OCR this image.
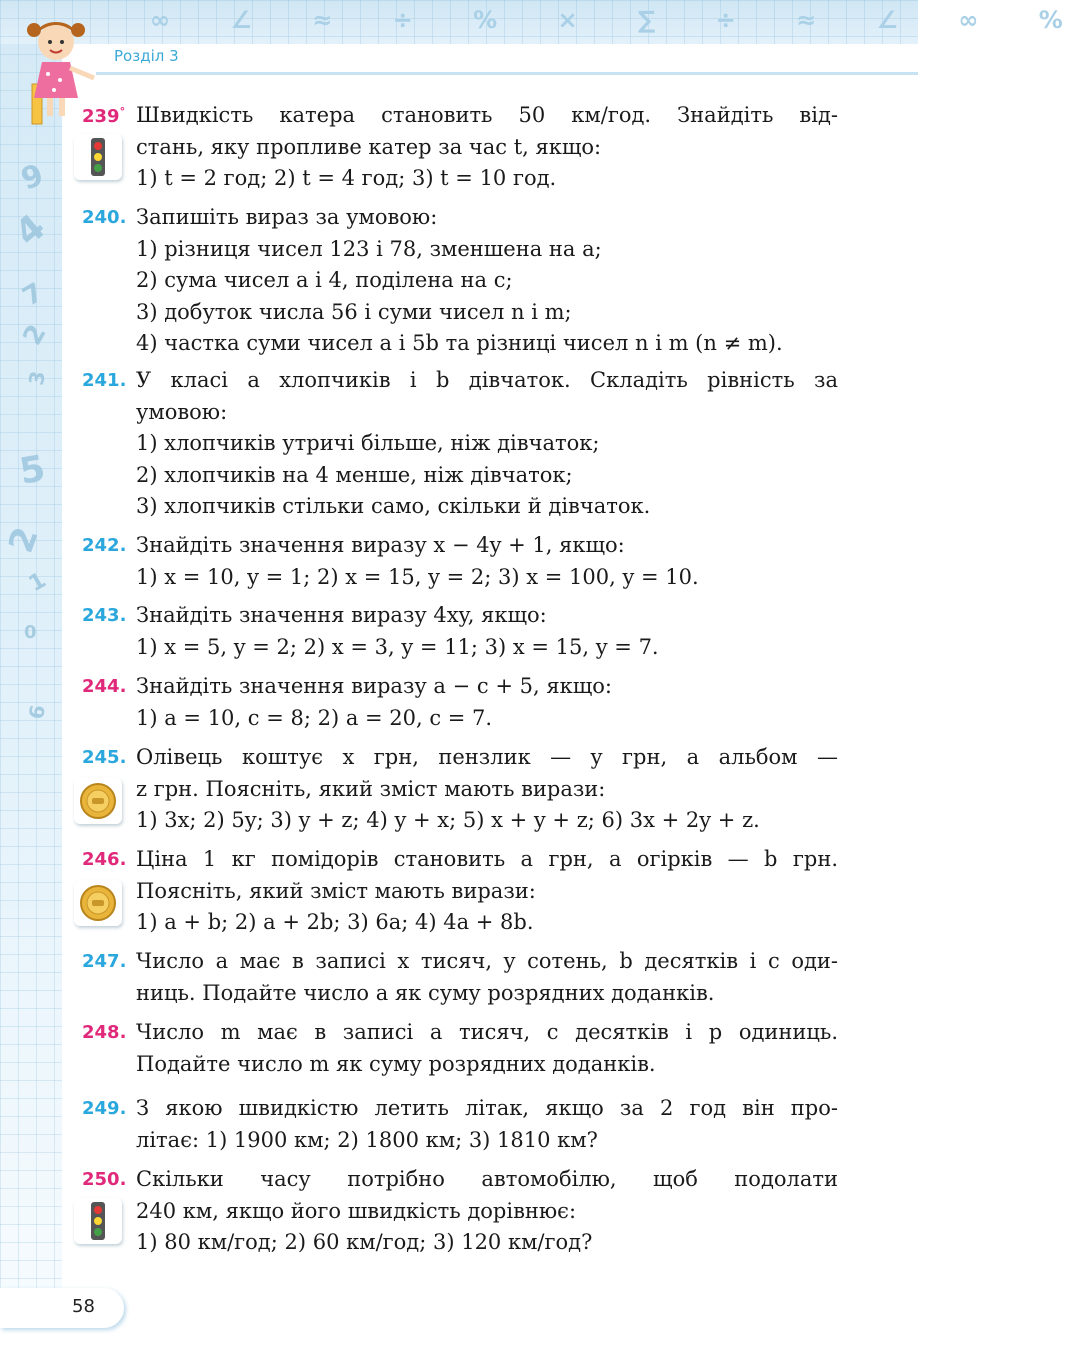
9
4
7
2
3
5
2
1
0
6
∞ ∠ ≈ ÷ % × ∑ ÷ ≈ ∠ ∞ %
Розділ 3
239° Швидкість катера становить 50 км/год. Знайдіть від-
стань, яку пропливе катер за час t, якщо:
1) t = 2 год; 2) t = 4 год; 3) t = 10 год.
240. Запишіть вираз за умовою:
1) різниця чисел 123 і 78, зменшена на a;
2) сума чисел a і 4, поділена на c;
3) добуток числа 56 і суми чисел n і m;
4) частка суми чисел a і 5b та різниці чисел n і m (n ≠ m).
241. У класі a хлопчиків і b дівчаток. Складіть рівність за
умовою:
1) хлопчиків утричі більше, ніж дівчаток;
2) хлопчиків на 4 менше, ніж дівчаток;
3) хлопчиків стільки само, скільки й дівчаток.
242. Знайдіть значення виразу x − 4y + 1, якщо:
1) x = 10, y = 1; 2) x = 15, y = 2; 3) x = 100, y = 10.
243. Знайдіть значення виразу 4xy, якщо:
1) x = 5, y = 2; 2) x = 3, y = 11; 3) x = 15, y = 7.
244. Знайдіть значення виразу a − c + 5, якщо:
1) a = 10, c = 8; 2) a = 20, c = 7.
245. Олівець коштує x грн, пензлик — y грн, а альбом —
z грн. Поясніть, який зміст мають вирази:
1) 3x; 2) 5y; 3) y + z; 4) y + x; 5) x + y + z; 6) 3x + 2y + z.
246. Ціна 1 кг помідорів становить a грн, а огірків — b грн.
Поясніть, який зміст мають вирази:
1) a + b; 2) a + 2b; 3) 6a; 4) 4a + 8b.
247. Число a має в записі x тисяч, y сотень, b десятків і c оди-
ниць. Подайте число a як суму розрядних доданків.
248. Число m має в записі a тисяч, c десятків і p одиниць.
Подайте число m як суму розрядних доданків.
249. З якою швидкістю летить літак, якщо за 2 год він про-
літає: 1) 1900 км; 2) 1800 км; 3) 1810 км?
250. Скільки часу потрібно автомобілю, щоб подолати
240 км, якщо його швидкість дорівнює:
1) 80 км/год; 2) 60 км/год; 3) 120 км/год?
58
